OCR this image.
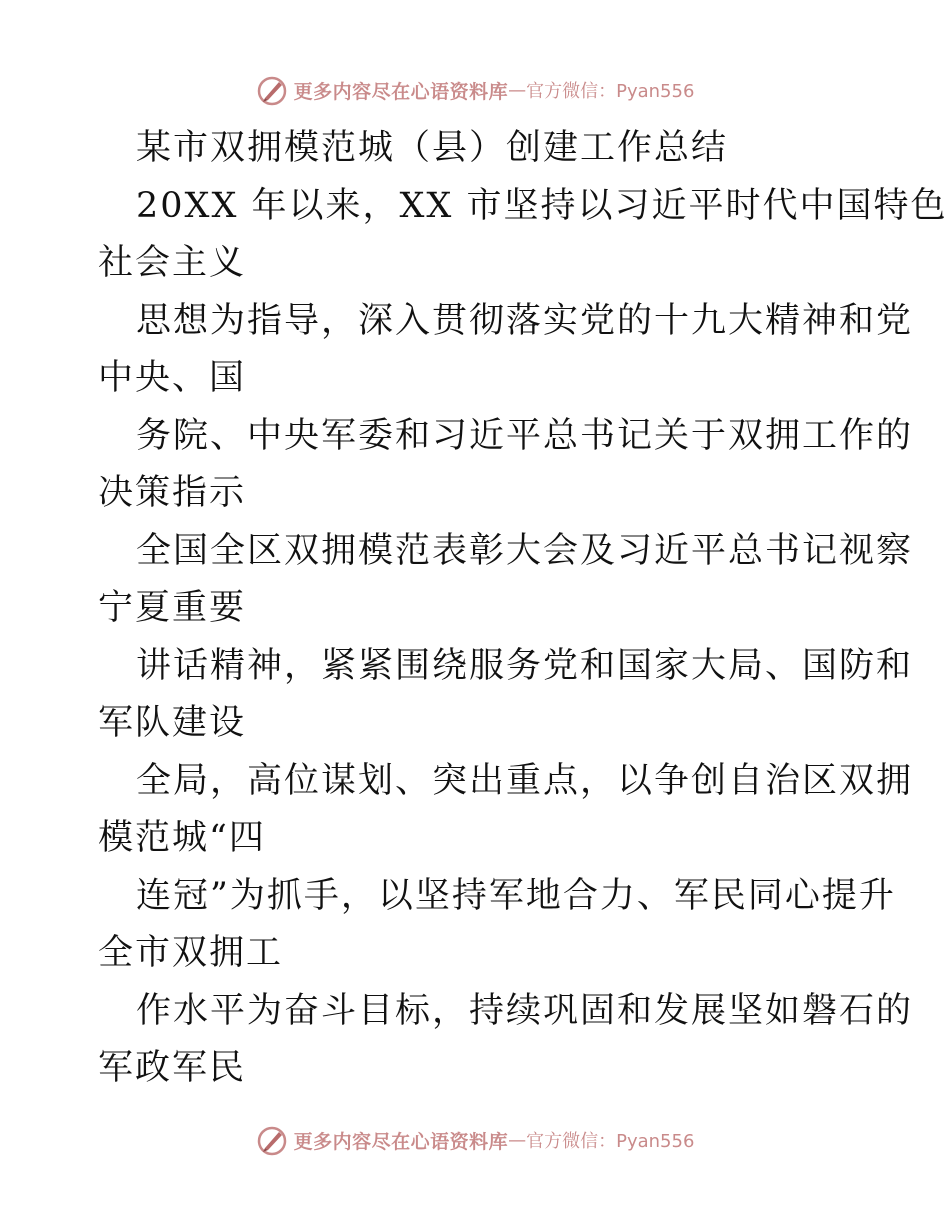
更多内容尽在心语资料库 — 官方微信：Pyan556

某市双拥模范城（县）创建工作总结

20XX 年以来，XX 市坚持以习近平时代中国特色

社会主义

思想为指导，深入贯彻落实党的十九大精神和党

中央、国

务院、中央军委和习近平总书记关于双拥工作的

决策指示

全国全区双拥模范表彰大会及习近平总书记视察

宁夏重要

讲话精神，紧紧围绕服务党和国家大局、国防和

军队建设

全局，高位谋划、突出重点，以争创自治区双拥

模范城“四

连冠”为抓手，以坚持军地合力、军民同心提升

全市双拥工

作水平为奋斗目标，持续巩固和发展坚如磐石的

军政军民

更多内容尽在心语资料库 — 官方微信：Pyan556
